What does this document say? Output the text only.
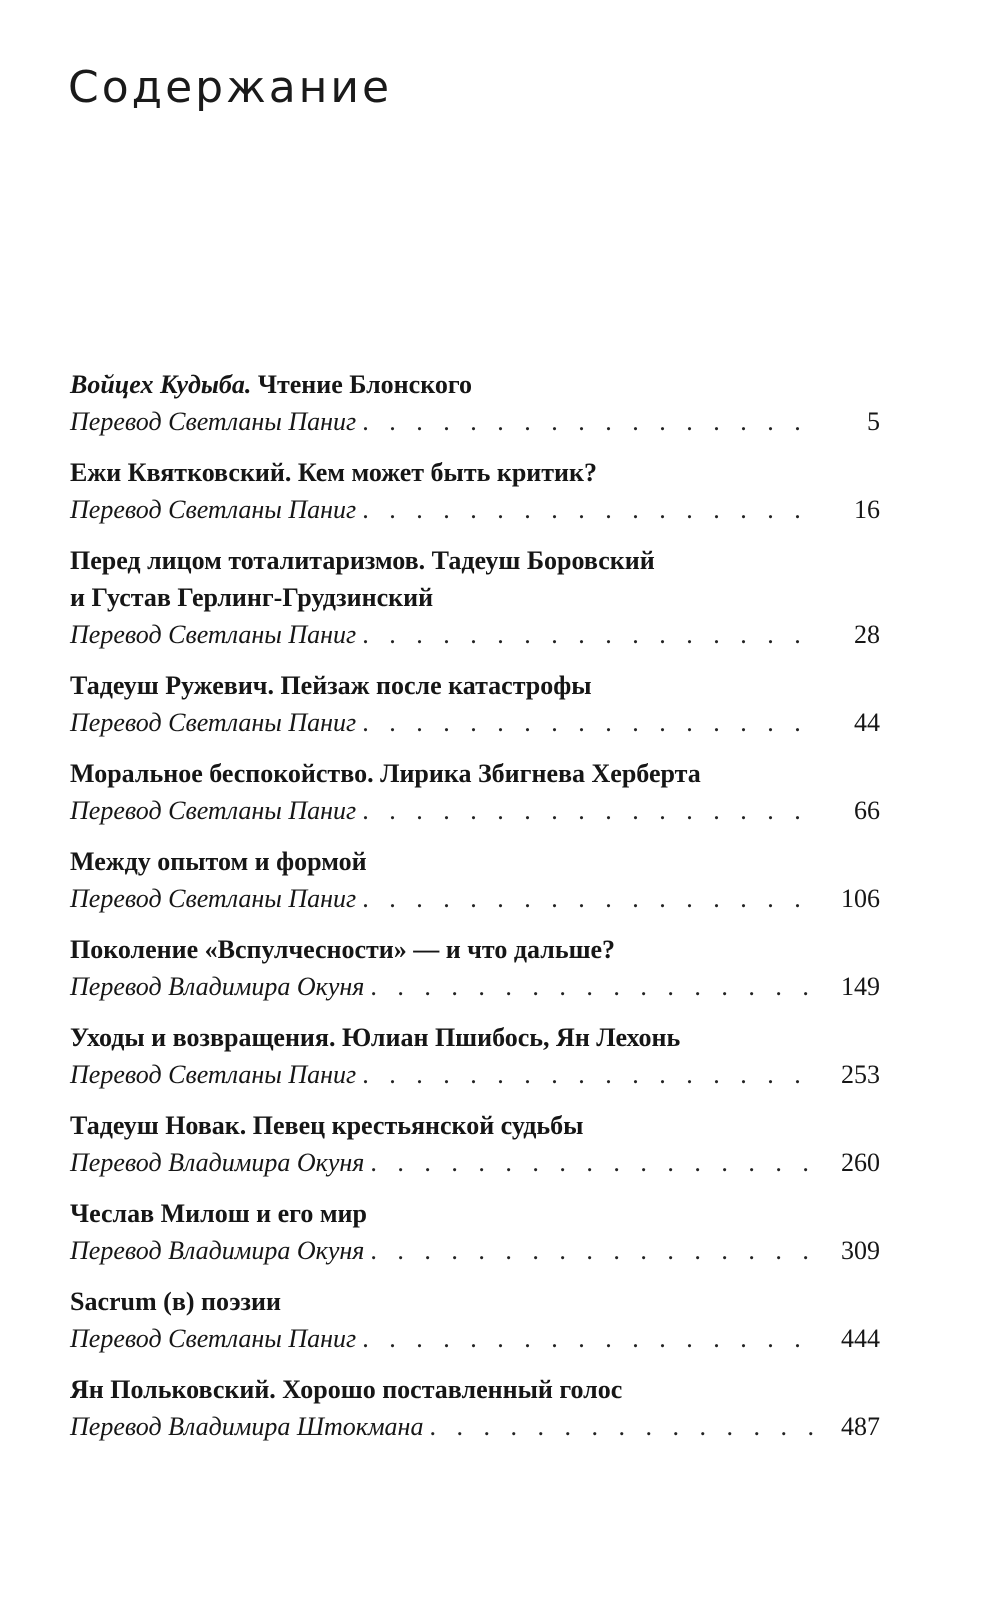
Содержание
Войцех Кудыба. Чтение Блонского
Перевод Светланы Паниг . . .	5
Ежи Квятковский. Кем может быть критик?
Перевод Светланы Паниг . . .	16
Перед лицом тоталитаризмов. Тадеуш Боровский
и Густав Герлинг-Грудзинский
Перевод Светланы Паниг . . .	28
Тадеуш Ружевич. Пейзаж после катастрофы
Перевод Светланы Паниг . . .	44
Моральное беспокойство. Лирика Збигнева Херберта
Перевод Светланы Паниг . . .	66
Между опытом и формой
Перевод Светланы Паниг . . .	106
Поколение «Вспулчесности» — и что дальше?
Перевод Владимира Окуня . . .	149
Уходы и возвращения. Юлиан Пшибось, Ян Лехонь
Перевод Светланы Паниг . . .	253
Тадеуш Новак. Певец крестьянской судьбы
Перевод Владимира Окуня . . .	260
Чеслав Милош и его мир
Перевод Владимира Окуня . . .	309
Sacrum (в) поэзии
Перевод Светланы Паниг . . .	444
Ян Польковский. Хорошо поставленный голос
Перевод Владимира Штокмана . . .	487
